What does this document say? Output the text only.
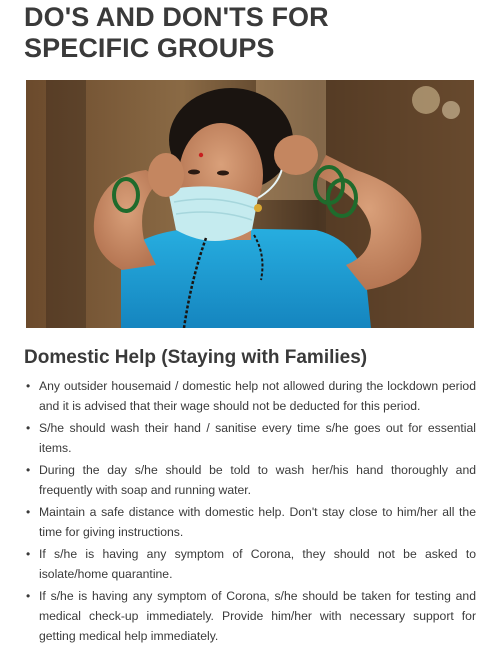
DO'S AND DON'TS FOR
SPECIFIC GROUPS
Domestic Help (Staying with Families)
• Any outsider housemaid / domestic help not allowed during the lockdown period and it is advised that their wage should not be deducted for this period.
• S/he should wash their hand / sanitise every time s/he goes out for essential items.
• During the day s/he should be told to wash her/his hand thoroughly and frequently with soap and running water.
• Maintain a safe distance with domestic help. Don't stay close to him/her all the time for giving instructions.
• If s/he is having any symptom of Corona, they should not be asked to isolate/home quarantine.
• If s/he is having any symptom of Corona, s/he should be taken for testing and medical check-up immediately. Provide him/her with necessary support for getting medical help immediately.
